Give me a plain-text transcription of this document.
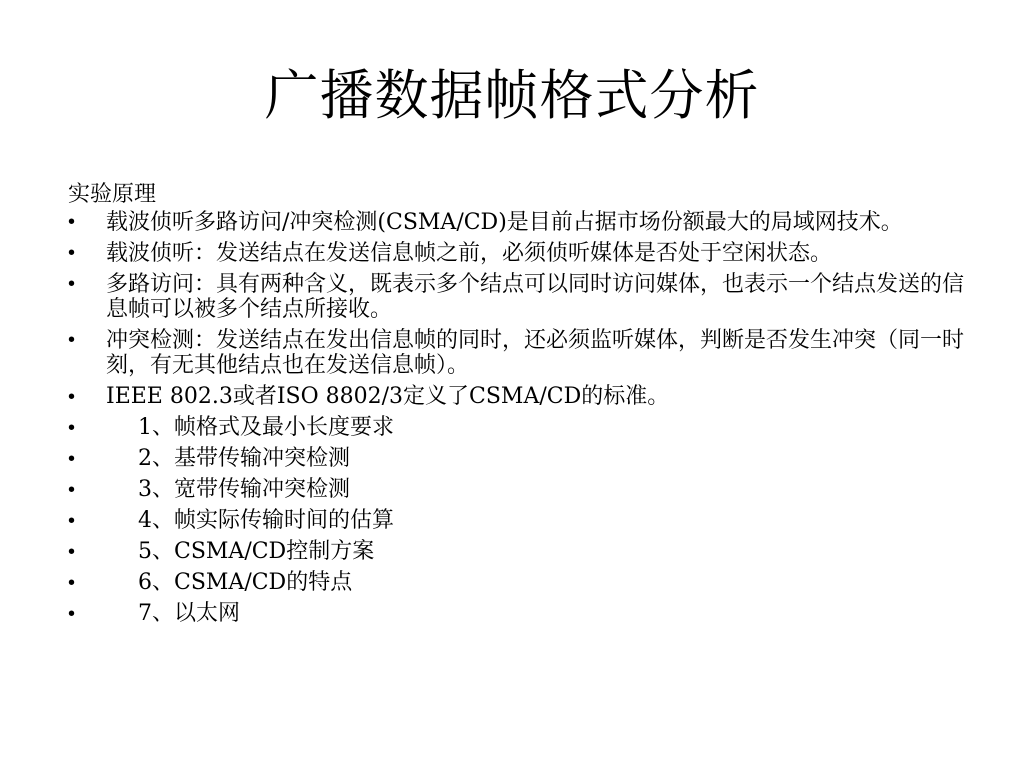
广播数据帧格式分析
实验原理
• 载波侦听多路访问/冲突检测(CSMA/CD)是目前占据市场份额最大的局域网技术。
• 载波侦听：发送结点在发送信息帧之前，必须侦听媒体是否处于空闲状态。
• 多路访问：具有两种含义，既表示多个结点可以同时访问媒体，也表示一个结点发送的信息帧可以被多个结点所接收。
• 冲突检测：发送结点在发出信息帧的同时，还必须监听媒体，判断是否发生冲突（同一时刻，有无其他结点也在发送信息帧）。
• IEEE 802.3或者ISO 8802/3定义了CSMA/CD的标准。
•	1、帧格式及最小长度要求
•	2、基带传输冲突检测
•	3、宽带传输冲突检测
•	4、帧实际传输时间的估算
•	5、CSMA/CD控制方案
•	6、CSMA/CD的特点
•	7、以太网
